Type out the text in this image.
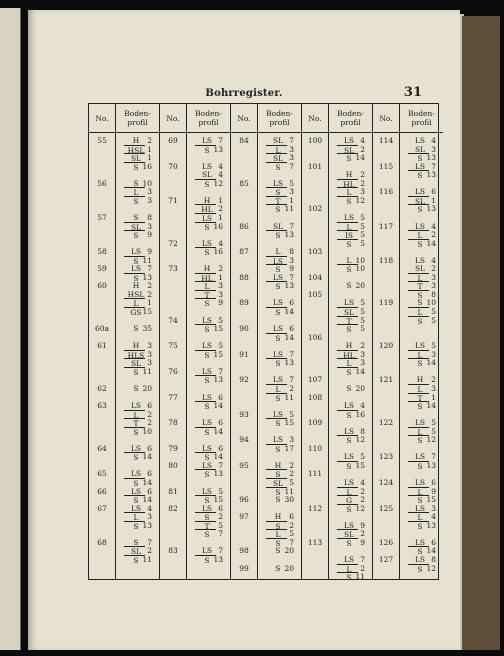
Bohrregister.	31
No.
55
56
57
58
59
60
60a
61
62
63
64
65
66
67
68
Boden-
profil
H 2
HSL 1
SL 1
S 16
S 10
L 3
S 3
S 8
SL 3
S 9
LS 9
S 11
LS 7
S 13
H 2
HSL 2
L 1
GS 15
S 35
H 3
HLS 3
SL 3
S 11
S 20
LS 6
L 2
T 2
S 10
LS 6
S 14
LS 6
S 14
LS 6
S 14
LS 4
L 3
S 13
S 7
SL 2
S 11
No.
69
70
71
72
73
74
75
76
77
78
79
80
81
82
83
Boden-
profil
LS 7
S 13
LS 4
SL 4
S 12
H 1
HL 2
LS 1
S 16
LS 4
S 16
H 2
HL 1
L 3
T 3
S 9
LS 5
S 15
LS 5
S 15
LS 7
S 13
LS 6
S 14
LS 6
S 14
LS 6
S 14
LS 7
S 13
LS 5
S 15
LS 6
S 2
T 5
S 7
LS 7
S 13
No.
84
85
86
87
88
89
90
91
92
93
94
95
96
97
98
99
Boden-
profil
SL 7
L 3
SL 3
S 7
LS 5
S 3
T 1
S 11
SL 7
S 13
L 8
LS 3
S 9
LS 7
S 13
LS 6
S 14
LS 6
S 14
LS 7
S 13
LS 7
L 2
S 11
LS 5
S 15
LS 3
S 17
H 2
S 2
SL 5
S 11
S 30
H 6
S 2
L 5
S 7
S 20
S 20
No.
100
101
102
103
104
105
106
107
108
109
110
111
112
113
Boden-
profil
LS 4
SL 2
S 14
H 2
HL 2
L 3
S 12
LS 5
L 5
IS 5
S 5
L 10
S 10
S 20
LS 5
SL 5
T 5
S 5
H 2
HL 3
L 3
S 14
S 20
LS 4
S 16
LS 8
S 12
LS 5
S 15
LS 4
L 2
G 2
S 12
LS 9
SL 2
S 9
LS 7
L 2
S 11
No.
114
115
116
117
118
119
120
121
122
123
124
125
126
127
Boden-
profil
LS 4
SL 3
S 13
LS 7
S 13
LS 6
SL 1
S 13
LS 4
L 2
S 14
LS 4
SL 2
L 3
T 3
S 8
S 10
L 5
S 5
LS 5
L 3
S 14
H 2
L 3
T 1
S 14
LS 5
L 5
S 12
LS 7
S 13
LS 6
L 9
S 15
LS 3
L 4
S 13
LS 6
S 14
LS 8
S 12
